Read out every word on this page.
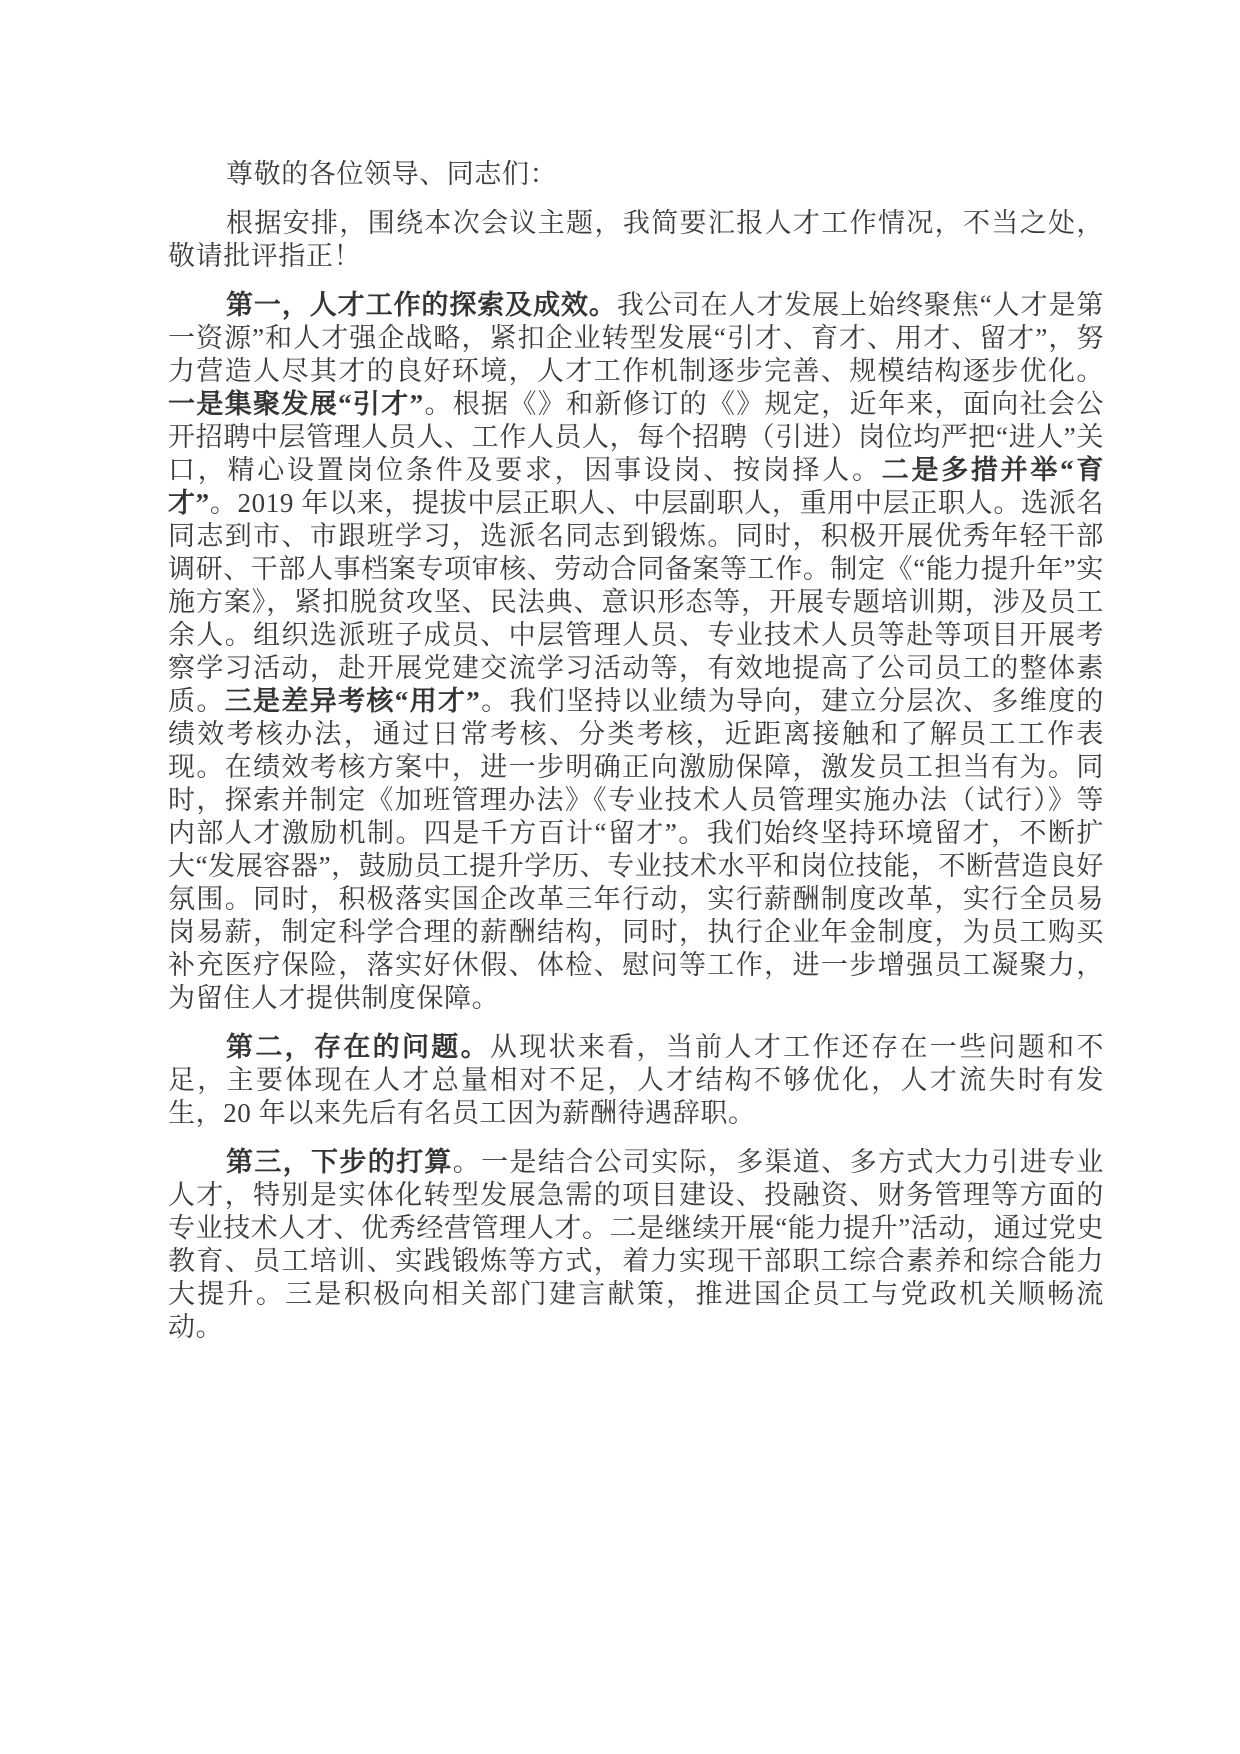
尊敬的各位领导、同志们：

根据安排，围绕本次会议主题，我简要汇报人才工作情况，不当之处，敬请批评指正！

第一，人才工作的探索及成效。我公司在人才发展上始终聚焦“人才是第一资源”和人才强企战略，紧扣企业转型发展“引才、育才、用才、留才”，努力营造人尽其才的良好环境，人才工作机制逐步完善、规模结构逐步优化。一是集聚发展“引才”。根据《》和新修订的《》规定，近年来，面向社会公开招聘中层管理人员人、工作人员人，每个招聘（引进）岗位均严把“进人”关口，精心设置岗位条件及要求，因事设岗、按岗择人。二是多措并举“育才”。2019 年以来，提拔中层正职人、中层副职人，重用中层正职人。选派名同志到市、市跟班学习，选派名同志到锻炼。同时，积极开展优秀年轻干部调研、干部人事档案专项审核、劳动合同备案等工作。制定《“能力提升年”实施方案》，紧扣脱贫攻坚、民法典、意识形态等，开展专题培训期，涉及员工余人。组织选派班子成员、中层管理人员、专业技术人员等赴等项目开展考察学习活动，赴开展党建交流学习活动等，有效地提高了公司员工的整体素质。三是差异考核“用才”。我们坚持以业绩为导向，建立分层次、多维度的绩效考核办法，通过日常考核、分类考核，近距离接触和了解员工工作表现。在绩效考核方案中，进一步明确正向激励保障，激发员工担当有为。同时，探索并制定《加班管理办法》《专业技术人员管理实施办法（试行）》等内部人才激励机制。四是千方百计“留才”。我们始终坚持环境留才，不断扩大“发展容器”，鼓励员工提升学历、专业技术水平和岗位技能，不断营造良好氛围。同时，积极落实国企改革三年行动，实行薪酬制度改革，实行全员易岗易薪，制定科学合理的薪酬结构，同时，执行企业年金制度，为员工购买补充医疗保险，落实好休假、体检、慰问等工作，进一步增强员工凝聚力，为留住人才提供制度保障。

第二，存在的问题。从现状来看，当前人才工作还存在一些问题和不足，主要体现在人才总量相对不足，人才结构不够优化，人才流失时有发生，20 年以来先后有名员工因为薪酬待遇辞职。

第三，下步的打算。一是结合公司实际，多渠道、多方式大力引进专业人才，特别是实体化转型发展急需的项目建设、投融资、财务管理等方面的专业技术人才、优秀经营管理人才。二是继续开展“能力提升”活动，通过党史教育、员工培训、实践锻炼等方式，着力实现干部职工综合素养和综合能力大提升。三是积极向相关部门建言献策，推进国企员工与党政机关顺畅流动。
